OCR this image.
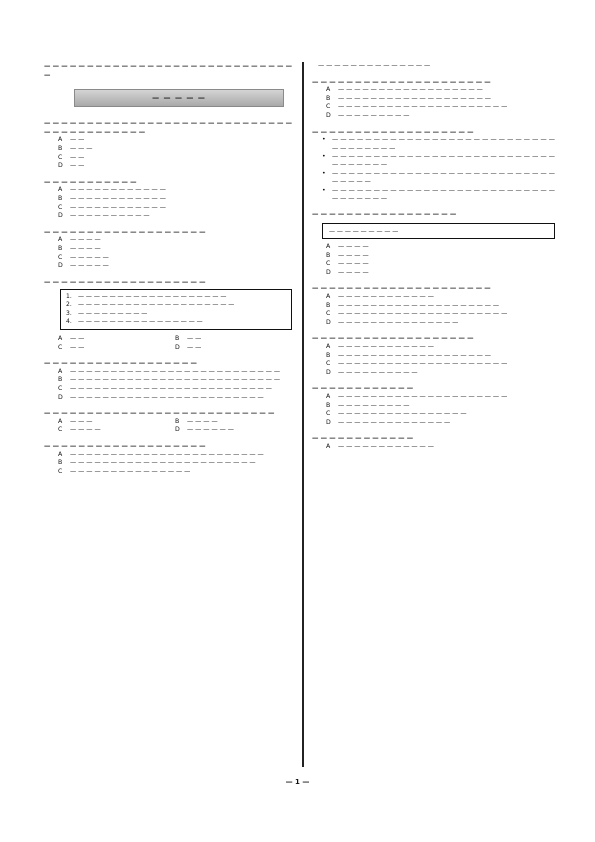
— — — — — — — — — — — — — — — — — — — — — — — — — — — — — —
— — — — —
— — — — — — — — — — — — — — — — — — — — — — — — — — — — — — — — — — — — — — — — —
A	— —
B	— — —
C	— —
D	— —
— — — — — — — — — — —
A	— — — — — — — — — — — —
B	— — — — — — — — — — — —
C	— — — — — — — — — — — —
D	— — — — — — — — — —
— — — — — — — — — — — — — — — — — — —
A	— — — —
B	— — — —
C	— — — — —
D	— — — — —
— — — — — — — — — — — — — — — — — — —
1.	— — — — — — — — — — — — — — — — — — —
2.	— — — — — — — — — — — — — — — — — — — —
3.	— — — — — — — — —
4.	— — — — — — — — — — — — — — — —
A	— —	B	— —
C	— —	D	— —
— — — — — — — — — — — — — — — — — —
A	— — — — — — — — — — — — — — — — — — — — — — — — — —
B	— — — — — — — — — — — — — — — — — — — — — — — — — —
C	— — — — — — — — — — — — — — — — — — — — — — — — —
D	— — — — — — — — — — — — — — — — — — — — — — — —
— — — — — — — — — — — — — — — — — — — — — — — — — — —
A	— — —	B	— — — —
C	— — — —	D	— — — — — —
— — — — — — — — — — — — — — — — — — —
A	— — — — — — — — — — — — — — — — — — — — — — — —
B	— — — — — — — — — — — — — — — — — — — — — — —
C	— — — — — — — — — — — — — — —
— — — — — — — — — — — — — —
— — — — — — — — — — — — — — — — — — — — —
A	— — — — — — — — — — — — — — — — — —
B	— — — — — — — — — — — — — — — — — — —
C	— — — — — — — — — — — — — — — — — — — — —
D	— — — — — — — — —
— — — — — — — — — — — — — — — — — — —
•	— — — — — — — — — — — — — — — — — — — — — — — — — — — — — — — — — — —
•	— — — — — — — — — — — — — — — — — — — — — — — — — — — — — — — — — —
•	— — — — — — — — — — — — — — — — — — — — — — — — — — — — — — — —
•	— — — — — — — — — — — — — — — — — — — — — — — — — — — — — — — — — —
— — — — — — — — — — — — — — — — —
— — — — — — — — —
A	— — — —
B	— — — —
C	— — — —
D	— — — —
— — — — — — — — — — — — — — — — — — — — —
A	— — — — — — — — — — — —
B	— — — — — — — — — — — — — — — — — — — —
C	— — — — — — — — — — — — — — — — — — — — —
D	— — — — — — — — — — — — — — —
— — — — — — — — — — — — — — — — — — —
A	— — — — — — — — — — — —
B	— — — — — — — — — — — — — — — — — — —
C	— — — — — — — — — — — — — — — — — — — — —
D	— — — — — — — — — —
— — — — — — — — — — — —
A	— — — — — — — — — — — — — — — — — — — — —
B	— — — — — — — — —
C	— — — — — — — — — — — — — — — —
D	— — — — — — — — — — — — — —
— — — — — — — — — — — —
A	— — — — — — — — — — — —
— 1 —
